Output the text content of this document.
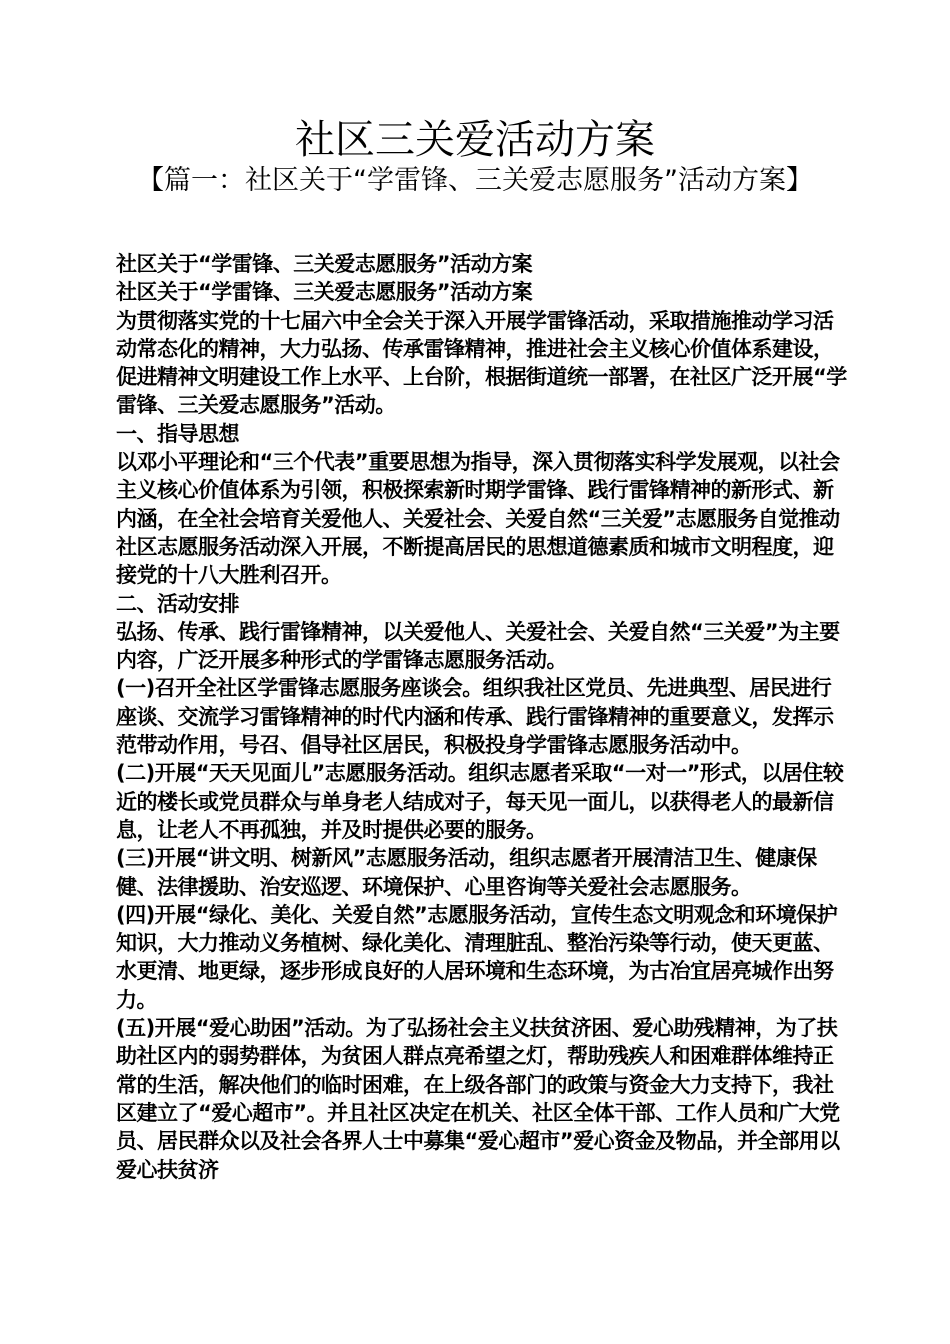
社区三关爱活动方案
【篇一：社区关于“学雷锋、三关爱志愿服务”活动方案】

社区关于“学雷锋、三关爱志愿服务”活动方案

社区关于“学雷锋、三关爱志愿服务”活动方案

为贯彻落实党的十七届六中全会关于深入开展学雷锋活动，采取措施推动学习活动常态化的精神，大力弘扬、传承雷锋精神，推进社会主义核心价值体系建设，促进精神文明建设工作上水平、上台阶，根据街道统一部署，在社区广泛开展“学雷锋、三关爱志愿服务”活动。

一、指导思想

以邓小平理论和“三个代表”重要思想为指导，深入贯彻落实科学发展观，以社会主义核心价值体系为引领，积极探索新时期学雷锋、践行雷锋精神的新形式、新内涵，在全社会培育关爱他人、关爱社会、关爱自然“三关爱”志愿服务自觉推动社区志愿服务活动深入开展，不断提高居民的思想道德素质和城市文明程度，迎接党的十八大胜利召开。

二、活动安排

弘扬、传承、践行雷锋精神，以关爱他人、关爱社会、关爱自然“三关爱”为主要内容，广泛开展多种形式的学雷锋志愿服务活动。

(一)召开全社区学雷锋志愿服务座谈会。组织我社区党员、先进典型、居民进行座谈、交流学习雷锋精神的时代内涵和传承、践行雷锋精神的重要意义，发挥示范带动作用，号召、倡导社区居民，积极投身学雷锋志愿服务活动中。

(二)开展“天天见面儿”志愿服务活动。组织志愿者采取“一对一”形式，以居住较近的楼长或党员群众与单身老人结成对子，每天见一面儿，以获得老人的最新信息，让老人不再孤独，并及时提供必要的服务。

(三)开展“讲文明、树新风”志愿服务活动，组织志愿者开展清洁卫生、健康保健、法律援助、治安巡逻、环境保护、心里咨询等关爱社会志愿服务。

(四)开展“绿化、美化、关爱自然”志愿服务活动，宣传生态文明观念和环境保护知识，大力推动义务植树、绿化美化、清理脏乱、整治污染等行动，使天更蓝、水更清、地更绿，逐步形成良好的人居环境和生态环境，为古冶宜居亮城作出努力。

(五)开展“爱心助困”活动。为了弘扬社会主义扶贫济困、爱心助残精神，为了扶助社区内的弱势群体，为贫困人群点亮希望之灯，帮助残疾人和困难群体维持正常的生活，解决他们的临时困难，在上级各部门的政策与资金大力支持下，我社区建立了“爱心超市”。并且社区决定在机关、社区全体干部、工作人员和广大党员、居民群众以及社会各界人士中募集“爱心超市”爱心资金及物品，并全部用以爱心扶贫济
